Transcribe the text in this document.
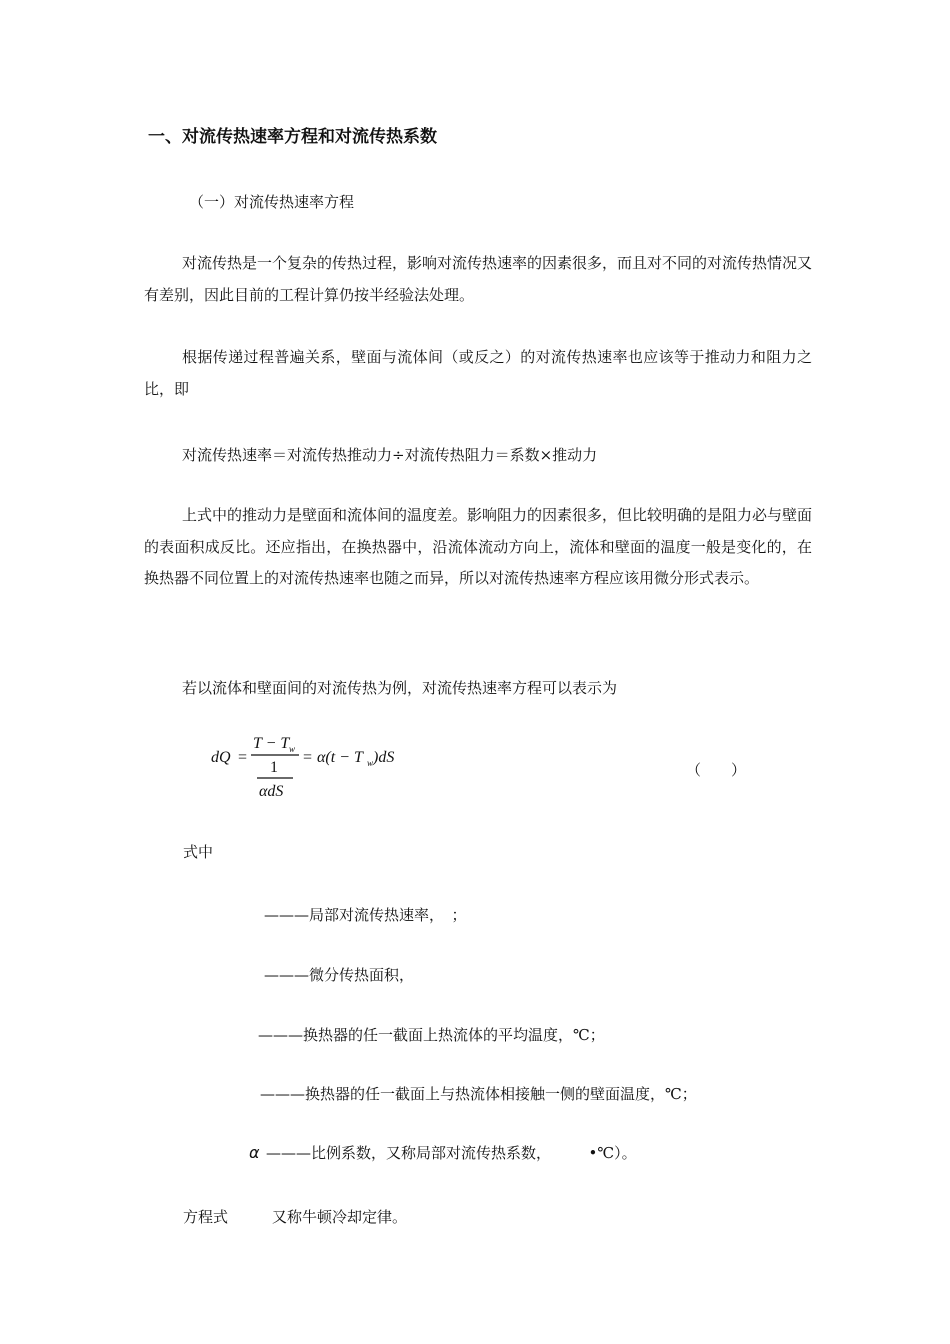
一、对流传热速率方程和对流传热系数
（一）对流传热速率方程

对流传热是一个复杂的传热过程，影响对流传热速率的因素很多，而且对不同的对流传热情况又有差别，因此目前的工程计算仍按半经验法处理。

根据传递过程普遍关系，壁面与流体间（或反之）的对流传热速率也应该等于推动力和阻力之比，即

对流传热速率＝对流传热推动力÷对流传热阻力＝系数×推动力

上式中的推动力是壁面和流体间的温度差。影响阻力的因素很多，但比较明确的是阻力必与壁面的表面积成反比。还应指出，在换热器中，沿流体流动方向上，流体和壁面的温度一般是变化的，在换热器不同位置上的对流传热速率也随之而异，所以对流传热速率方程应该用微分形式表示。

若以流体和壁面间的对流传热为例，对流传热速率方程可以表示为

dQ =
T − T w
1
αdS
= α(t − T w )dS
（　　）
式中
———局部对流传热速率，　；
———微分传热面积，
———换热器的任一截面上热流体的平均温度，℃；
———换热器的任一截面上与热流体相接触一侧的壁面温度，℃；
α ———比例系数，又称局部对流传热系数，　　　•℃）。
方程式	又称牛顿冷却定律。
